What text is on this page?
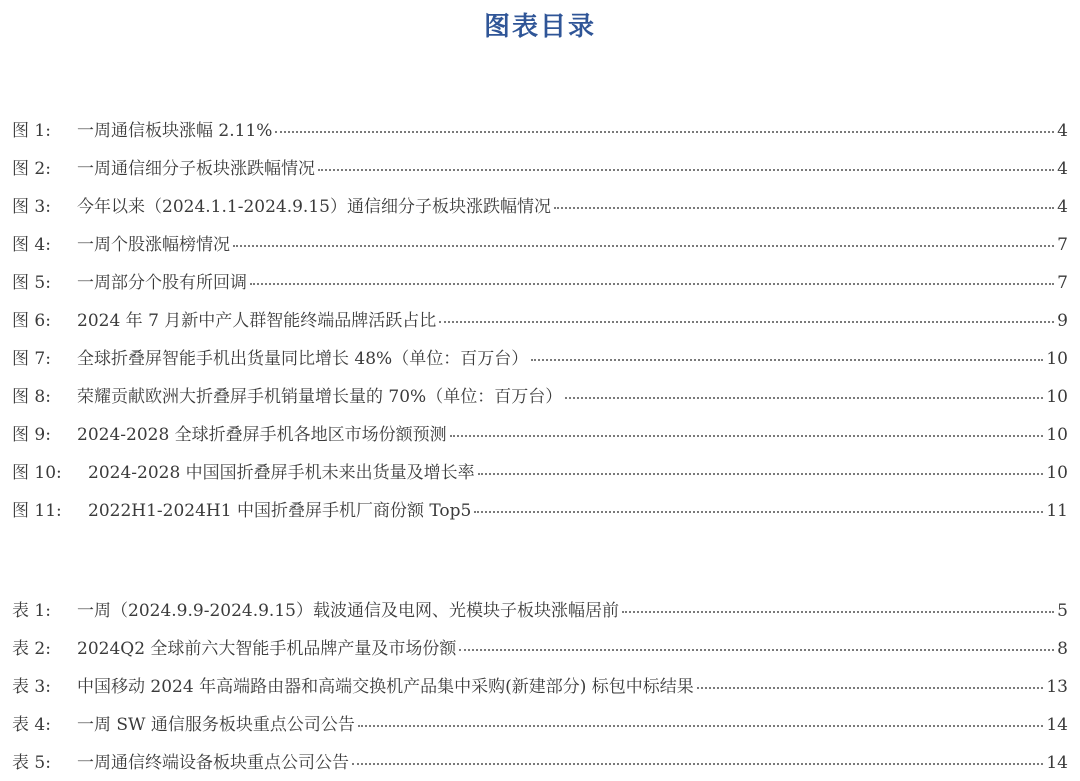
图表目录
图 1:	一周通信板块涨幅 2.11%	4
图 2:	一周通信细分子板块涨跌幅情况	4
图 3:	今年以来（2024.1.1-2024.9.15）通信细分子板块涨跌幅情况	4
图 4:	一周个股涨幅榜情况	7
图 5:	一周部分个股有所回调	7
图 6:	2024 年 7 月新中产人群智能终端品牌活跃占比	9
图 7:	全球折叠屏智能手机出货量同比增长 48%（单位：百万台）	10
图 8:	荣耀贡献欧洲大折叠屏手机销量增长量的 70%（单位：百万台）	10
图 9:	2024-2028 全球折叠屏手机各地区市场份额预测	10
图 10:	2024-2028 中国国折叠屏手机未来出货量及增长率	10
图 11:	2022H1-2024H1 中国折叠屏手机厂商份额 Top5	11
表 1:	一周（2024.9.9-2024.9.15）载波通信及电网、光模块子板块涨幅居前	5
表 2:	2024Q2 全球前六大智能手机品牌产量及市场份额	8
表 3:	中国移动 2024 年高端路由器和高端交换机产品集中采购(新建部分) 标包中标结果	13
表 4:	一周 SW 通信服务板块重点公司公告	14
表 5:	一周通信终端设备板块重点公司公告	14
